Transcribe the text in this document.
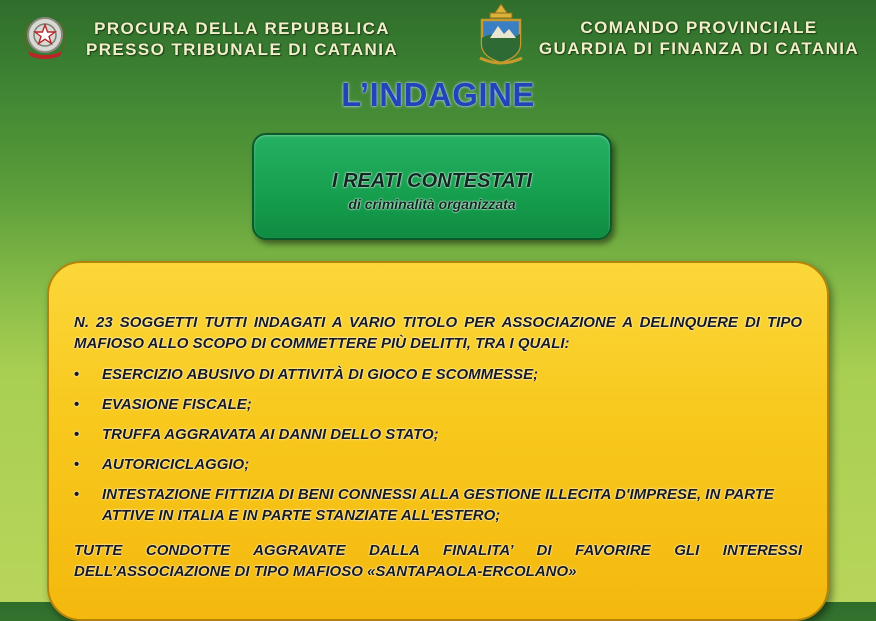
PROCURA DELLA REPUBBLICA
PRESSO TRIBUNALE DI CATANIA
COMANDO PROVINCIALE
GUARDIA DI FINANZA DI CATANIA
L’INDAGINE
I REATI CONTESTATI
di criminalità organizzata

N. 23 SOGGETTI TUTTI INDAGATI A VARIO TITOLO PER ASSOCIAZIONE A DELINQUERE DI TIPO MAFIOSO ALLO SCOPO DI COMMETTERE PIÙ DELITTI, TRA I QUALI:

• ESERCIZIO ABUSIVO DI ATTIVITÀ DI GIOCO E SCOMMESSE;
• EVASIONE FISCALE;
• TRUFFA AGGRAVATA AI DANNI DELLO STATO;
• AUTORICICLAGGIO;
• INTESTAZIONE FITTIZIA DI BENI CONNESSI ALLA GESTIONE ILLECITA D'IMPRESE, IN PARTE ATTIVE IN ITALIA E IN PARTE STANZIATE ALL'ESTERO;

TUTTE CONDOTTE AGGRAVATE DALLA FINALITA’ DI FAVORIRE GLI INTERESSI DELL’ASSOCIAZIONE DI TIPO MAFIOSO «SANTAPAOLA-ERCOLANO»
